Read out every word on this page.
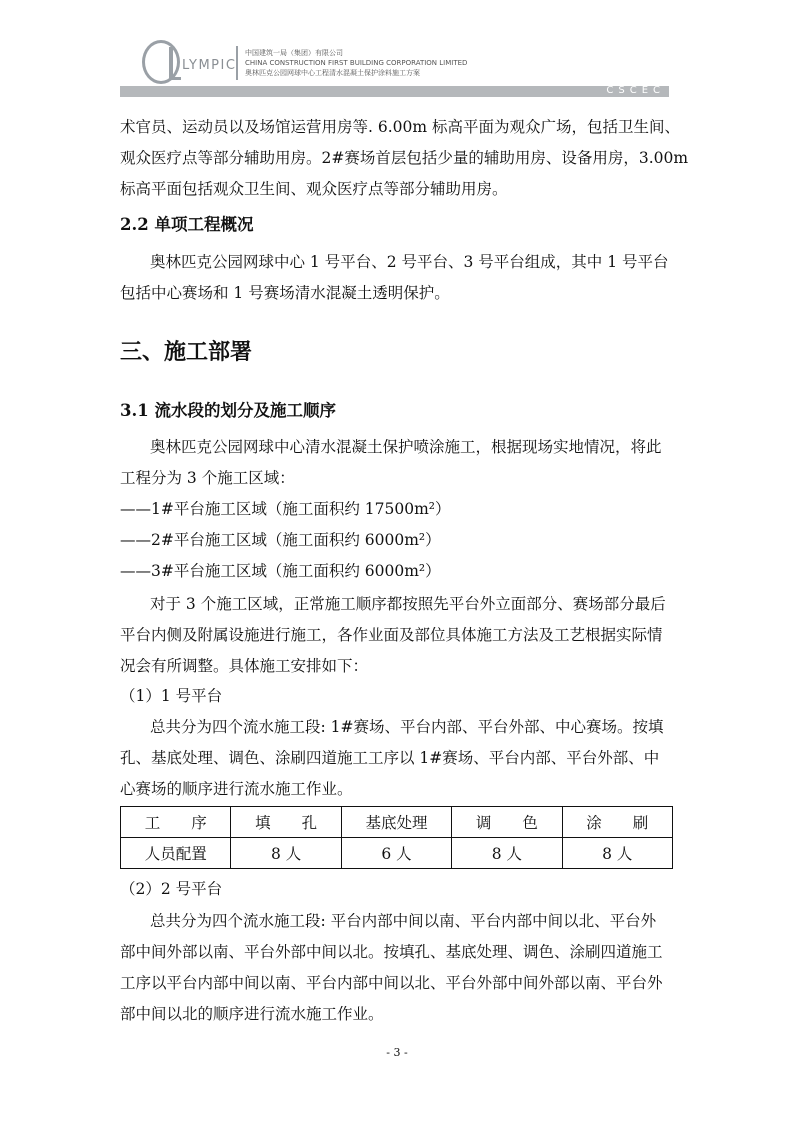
LYMPIC
中国建筑一局（集团）有限公司
CHINA CONSTRUCTION FIRST BUILDING CORPORATION LIMITED
奥林匹克公园网球中心工程清水混凝土保护涂料施工方案
CSCEC
术官员、运动员以及场馆运营用房等. 6.00m 标高平面为观众广场，包括卫生间、
观众医疗点等部分辅助用房。2#赛场首层包括少量的辅助用房、设备用房，3.00m
标高平面包括观众卫生间、观众医疗点等部分辅助用房。
2.2 单项工程概况
奥林匹克公园网球中心 1 号平台、2 号平台、3 号平台组成，其中 1 号平台
包括中心赛场和 1 号赛场清水混凝土透明保护。
三、施工部署
3.1 流水段的划分及施工顺序
奥林匹克公园网球中心清水混凝土保护喷涂施工，根据现场实地情况，将此
工程分为 3 个施工区域：
——1#平台施工区域（施工面积约 17500m²）
——2#平台施工区域（施工面积约 6000m²）
——3#平台施工区域（施工面积约 6000m²）
对于 3 个施工区域，正常施工顺序都按照先平台外立面部分、赛场部分最后
平台内侧及附属设施进行施工，各作业面及部位具体施工方法及工艺根据实际情
况会有所调整。具体施工安排如下：
（1）1 号平台
总共分为四个流水施工段: 1#赛场、平台内部、平台外部、中心赛场。按填
孔、基底处理、调色、涂刷四道施工工序以 1#赛场、平台内部、平台外部、中
心赛场的顺序进行流水施工作业。
工　　序	填　　孔	基底处理	调　　色	涂　　刷
人员配置	8 人	6 人	8 人	8 人
（2）2 号平台
总共分为四个流水施工段: 平台内部中间以南、平台内部中间以北、平台外
部中间外部以南、平台外部中间以北。按填孔、基底处理、调色、涂刷四道施工
工序以平台内部中间以南、平台内部中间以北、平台外部中间外部以南、平台外
部中间以北的顺序进行流水施工作业。
- 3 -
